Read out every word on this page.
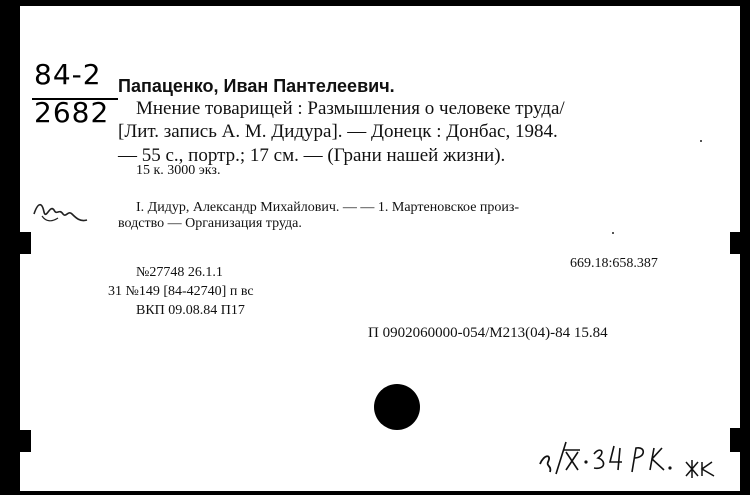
84-2
2682
Папаценко, Иван Пантелеевич.
Мнение товарищей : Размышления о человеке труда/
[Лит. запись А. М. Дидура]. — Донецк : Донбас, 1984.
— 55 с., портр.; 17 см. — (Грани нашей жизни).
15 к. 3000 экз.
I. Дидур, Александр Михайлович. — — 1. Мартеновское произ-
водство — Организация труда.
669.18:658.387
№27748 26.1.1
31 №149 [84-42740] п вс
ВКП 09.08.84 П17
П 0902060000-054/М213(04)-84 15.84
